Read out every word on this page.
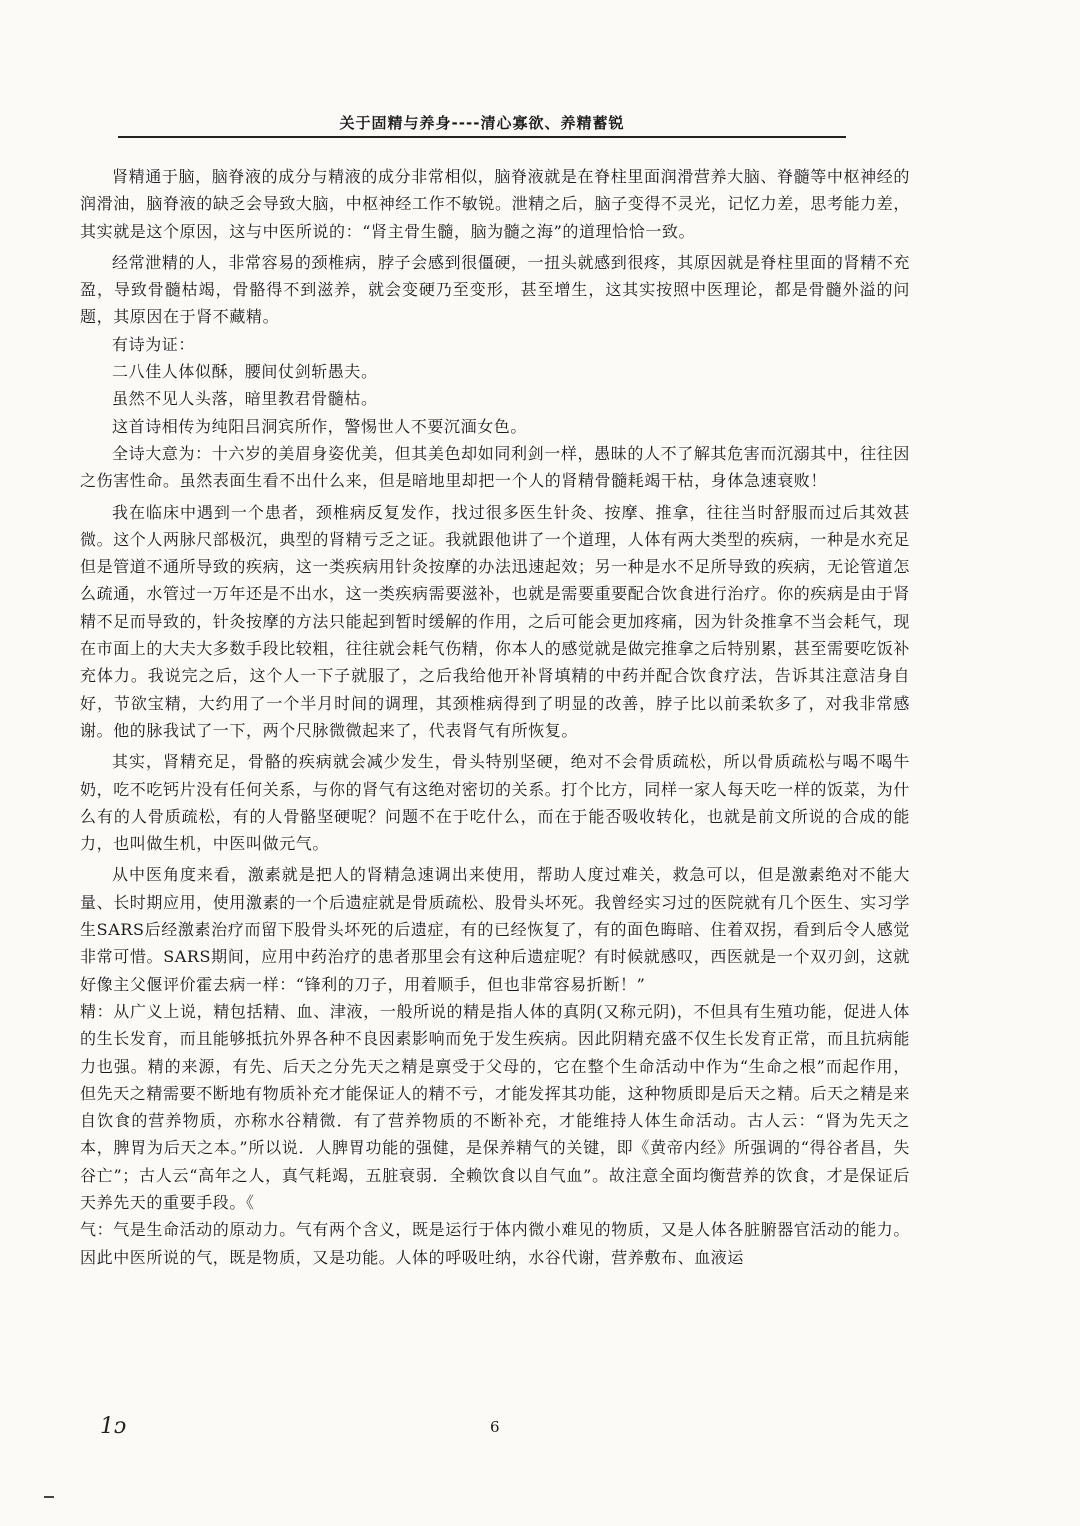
关于固精与养身----清心寡欲、养精蓄锐

肾精通于脑，脑脊液的成分与精液的成分非常相似，脑脊液就是在脊柱里面润滑营养大脑、脊髓等中枢神经的润滑油，脑脊液的缺乏会导致大脑，中枢神经工作不敏锐。泄精之后，脑子变得不灵光，记忆力差，思考能力差，其实就是这个原因，这与中医所说的：“肾主骨生髓，脑为髓之海”的道理恰恰一致。

经常泄精的人，非常容易的颈椎病，脖子会感到很僵硬，一扭头就感到很疼，其原因就是脊柱里面的肾精不充盈，导致骨髓枯竭，骨骼得不到滋养，就会变硬乃至变形，甚至增生，这其实按照中医理论，都是骨髓外溢的问题，其原因在于肾不藏精。

有诗为证：

二八佳人体似酥，腰间仗剑斩愚夫。

虽然不见人头落，暗里教君骨髓枯。

这首诗相传为纯阳吕洞宾所作，警惕世人不要沉湎女色。

全诗大意为：十六岁的美眉身姿优美，但其美色却如同利剑一样，愚昧的人不了解其危害而沉溺其中，往往因之伤害性命。虽然表面生看不出什么来，但是暗地里却把一个人的肾精骨髓耗竭干枯，身体急速衰败！

我在临床中遇到一个患者，颈椎病反复发作，找过很多医生针灸、按摩、推拿，往往当时舒服而过后其效甚微。这个人两脉尺部极沉，典型的肾精亏乏之证。我就跟他讲了一个道理，人体有两大类型的疾病，一种是水充足但是管道不通所导致的疾病，这一类疾病用针灸按摩的办法迅速起效；另一种是水不足所导致的疾病，无论管道怎么疏通，水管过一万年还是不出水，这一类疾病需要滋补，也就是需要重要配合饮食进行治疗。你的疾病是由于肾精不足而导致的，针灸按摩的方法只能起到暂时缓解的作用，之后可能会更加疼痛，因为针灸推拿不当会耗气，现在市面上的大夫大多数手段比较粗，往往就会耗气伤精，你本人的感觉就是做完推拿之后特别累，甚至需要吃饭补充体力。我说完之后，这个人一下子就服了，之后我给他开补肾填精的中药并配合饮食疗法，告诉其注意洁身自好，节欲宝精，大约用了一个半月时间的调理，其颈椎病得到了明显的改善，脖子比以前柔软多了，对我非常感谢。他的脉我试了一下，两个尺脉微微起来了，代表肾气有所恢复。

其实，肾精充足，骨骼的疾病就会减少发生，骨头特别坚硬，绝对不会骨质疏松，所以骨质疏松与喝不喝牛奶，吃不吃钙片没有任何关系，与你的肾气有这绝对密切的关系。打个比方，同样一家人每天吃一样的饭菜，为什么有的人骨质疏松，有的人骨骼坚硬呢？问题不在于吃什么，而在于能否吸收转化，也就是前文所说的合成的能力，也叫做生机，中医叫做元气。

从中医角度来看，激素就是把人的肾精急速调出来使用，帮助人度过难关，救急可以，但是激素绝对不能大量、长时期应用，使用激素的一个后遗症就是骨质疏松、股骨头坏死。我曾经实习过的医院就有几个医生、实习学生SARS后经激素治疗而留下股骨头坏死的后遗症，有的已经恢复了，有的面色晦暗、住着双拐，看到后令人感觉非常可惜。SARS期间，应用中药治疗的患者那里会有这种后遗症呢？有时候就感叹，西医就是一个双刃剑，这就好像主父偃评价霍去病一样：“锋利的刀子，用着顺手，但也非常容易折断！”

精：从广义上说，精包括精、血、津液，一般所说的精是指人体的真阴(又称元阴)，不但具有生殖功能，促进人体的生长发育，而且能够抵抗外界各种不良因素影响而免于发生疾病。因此阴精充盛不仅生长发育正常，而且抗病能力也强。精的来源，有先、后天之分先天之精是禀受于父母的，它在整个生命活动中作为“生命之根”而起作用，但先天之精需要不断地有物质补充才能保证人的精不亏，才能发挥其功能，这种物质即是后天之精。后天之精是来自饮食的营养物质，亦称水谷精微．有了营养物质的不断补充，才能维持人体生命活动。古人云：“肾为先天之本，脾胃为后天之本。”所以说．人脾胃功能的强健，是保养精气的关键，即《黄帝内经》所强调的“得谷者昌，失谷亡”；古人云“高年之人，真气耗竭，五脏衰弱．全赖饮食以自气血”。故注意全面均衡营养的饮食，才是保证后天养先天的重要手段。《

气：气是生命活动的原动力。气有两个含义，既是运行于体内微小难见的物质，又是人体各脏腑器官活动的能力。因此中医所说的气，既是物质，又是功能。人体的呼吸吐纳，水谷代谢，营养敷布、血液运

1ᴐ	6
